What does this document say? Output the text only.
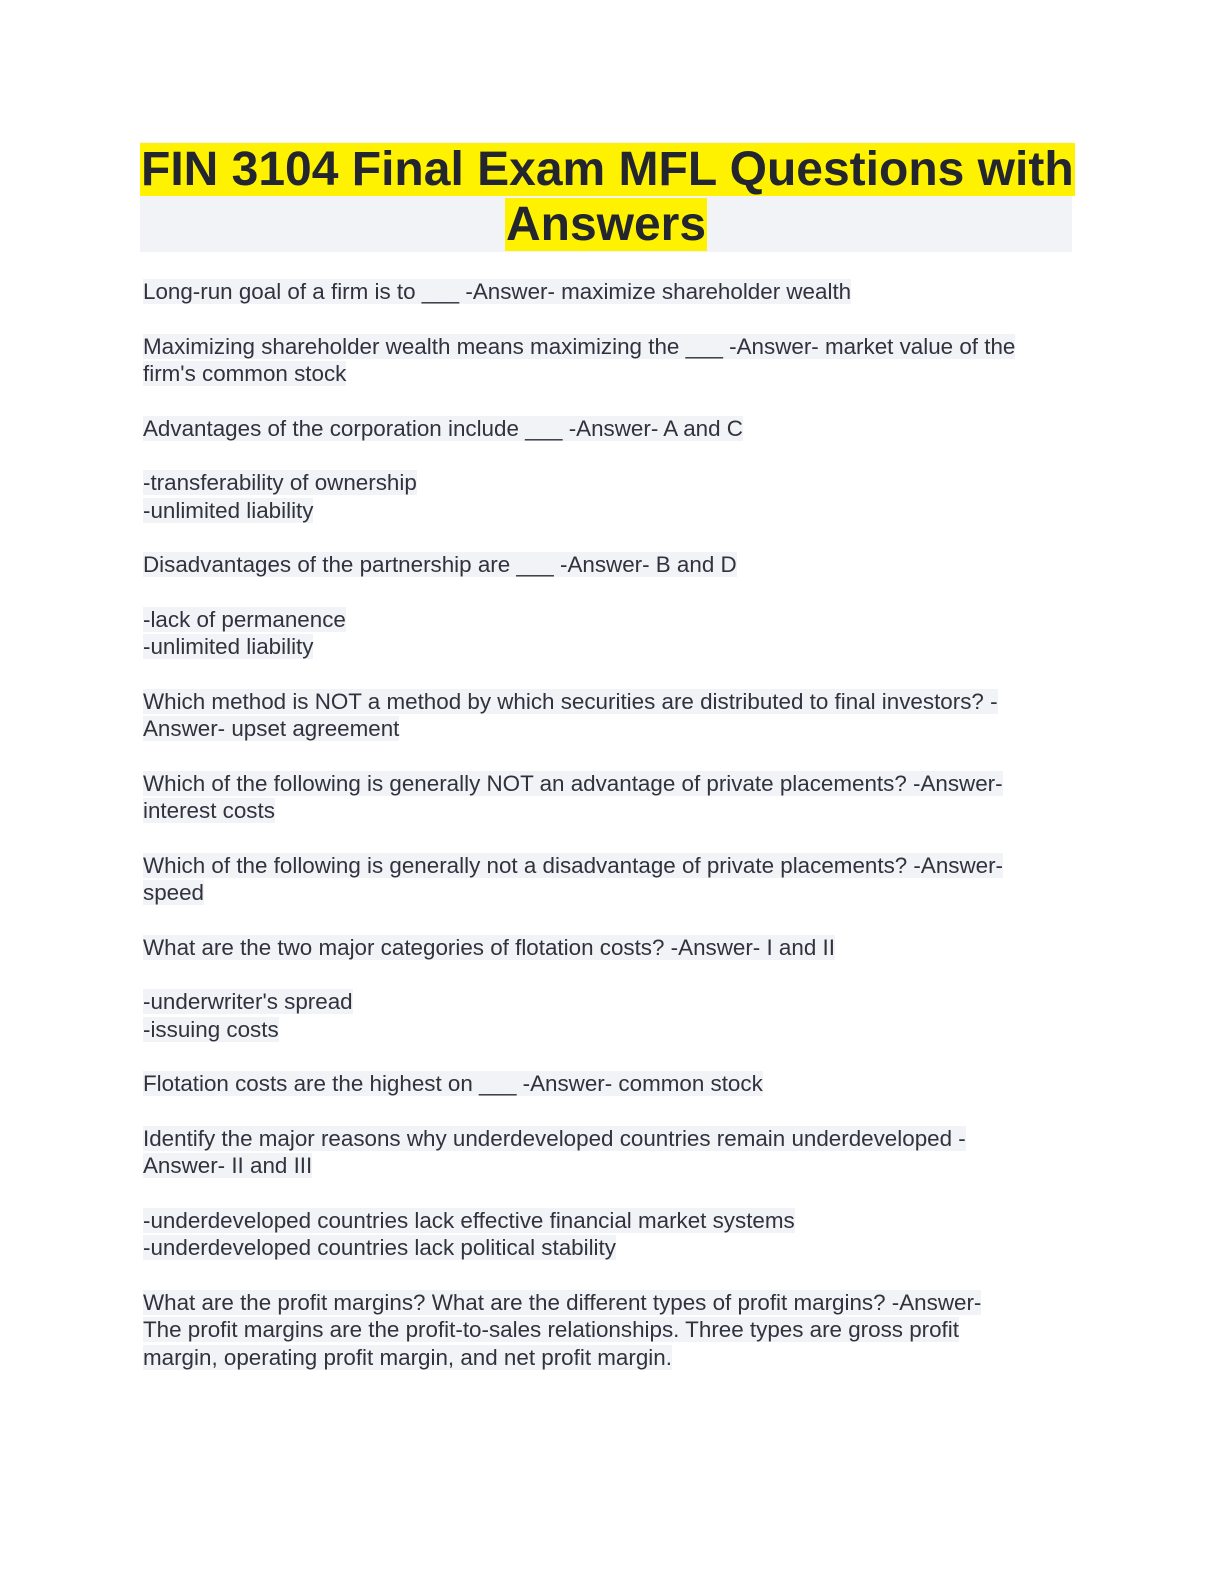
FIN 3104 Final Exam MFL Questions with
Answers
Long-run goal of a firm is to ___ -Answer- maximize shareholder wealth
Maximizing shareholder wealth means maximizing the ___ -Answer- market value of the
firm's common stock
Advantages of the corporation include ___ -Answer- A and C
-transferability of ownership
-unlimited liability
Disadvantages of the partnership are ___ -Answer- B and D
-lack of permanence
-unlimited liability
Which method is NOT a method by which securities are distributed to final investors? -
Answer- upset agreement
Which of the following is generally NOT an advantage of private placements? -Answer-
interest costs
Which of the following is generally not a disadvantage of private placements? -Answer-
speed
What are the two major categories of flotation costs? -Answer- I and II
-underwriter's spread
-issuing costs
Flotation costs are the highest on ___ -Answer- common stock
Identify the major reasons why underdeveloped countries remain underdeveloped -
Answer- II and III
-underdeveloped countries lack effective financial market systems
-underdeveloped countries lack political stability
What are the profit margins? What are the different types of profit margins? -Answer-
The profit margins are the profit-to-sales relationships. Three types are gross profit
margin, operating profit margin, and net profit margin.
